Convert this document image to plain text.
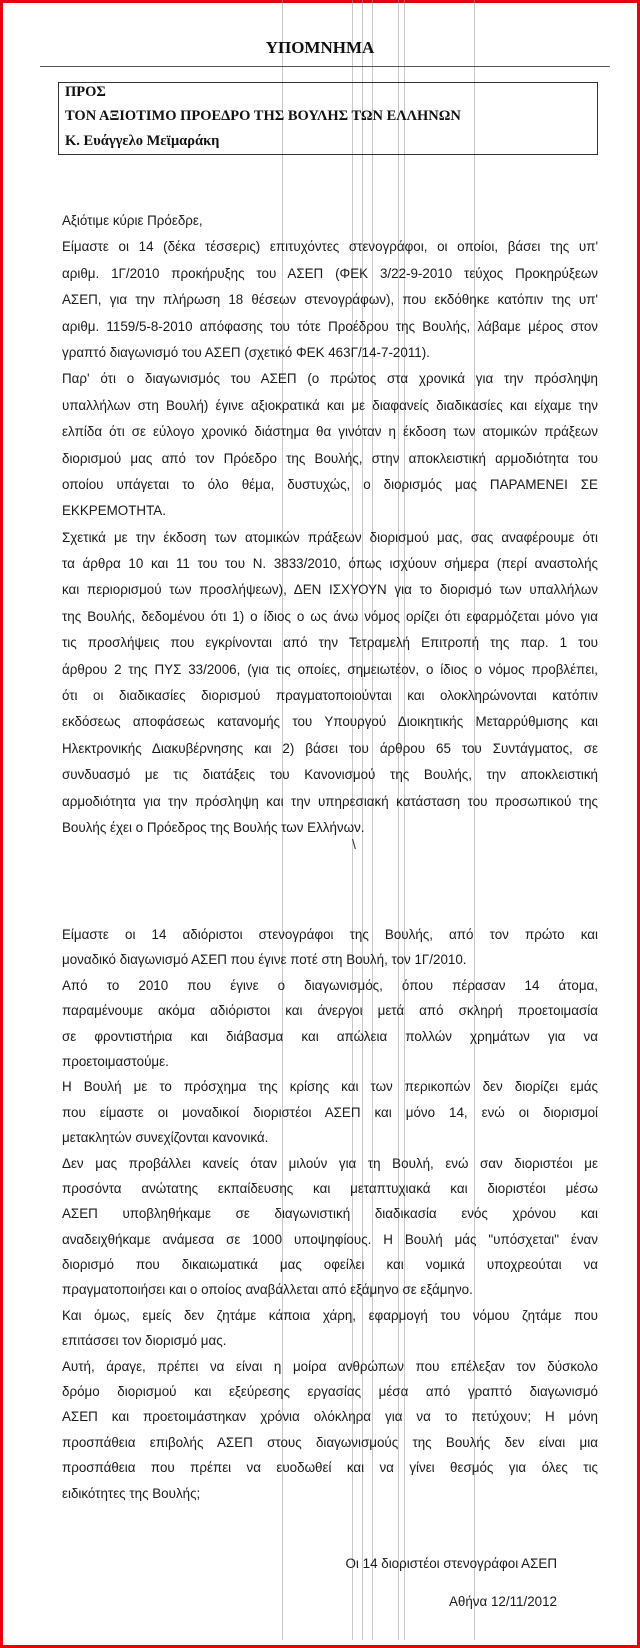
ΥΠΟΜΝΗΜΑ
ΠΡΟΣ
ΤΟΝ ΑΞΙΟΤΙΜΟ ΠΡΟΕΔΡΟ ΤΗΣ ΒΟΥΛΗΣ ΤΩΝ ΕΛΛΗΝΩΝ
Κ. Ευάγγελο Μεϊμαράκη
Αξιότιμε κύριε Πρόεδρε,
Είμαστε οι 14 (δέκα τέσσερις) επιτυχόντες στενογράφοι, οι οποίοι, βάσει της υπ'
αριθμ. 1Γ/2010 προκήρυξης του ΑΣΕΠ (ΦΕΚ 3/22-9-2010 τεύχος Προκηρύξεων
ΑΣΕΠ, για την πλήρωση 18 θέσεων στενογράφων), που εκδόθηκε κατόπιν της υπ'
αριθμ. 1159/5-8-2010 απόφασης του τότε Προέδρου της Βουλής, λάβαμε μέρος στον
γραπτό διαγωνισμό του ΑΣΕΠ (σχετικό ΦΕΚ 463Γ/14-7-2011).
Παρ' ότι ο διαγωνισμός του ΑΣΕΠ (ο πρώτος στα χρονικά για την πρόσληψη
υπαλλήλων στη Βουλή) έγινε αξιοκρατικά και με διαφανείς διαδικασίες και είχαμε την
ελπίδα ότι σε εύλογο χρονικό διάστημα θα γινόταν η έκδοση των ατομικών πράξεων
διορισμού μας από τον Πρόεδρο της Βουλής, στην αποκλειστική αρμοδιότητα του
οποίου υπάγεται το όλο θέμα, δυστυχώς, ο διορισμός μας ΠΑΡΑΜΕΝΕΙ ΣΕ
ΕΚΚΡΕΜΟΤΗΤΑ.
Σχετικά με την έκδοση των ατομικών πράξεων διορισμού μας, σας αναφέρουμε ότι
τα άρθρα 10 και 11 του του Ν. 3833/2010, όπως ισχύουν σήμερα (περί αναστολής
και περιορισμού των προσλήψεων), ΔΕΝ ΙΣΧΥΟΥΝ για το διορισμό των υπαλλήλων
της Βουλής, δεδομένου ότι 1) ο ίδιος ο ως άνω νόμος ορίζει ότι εφαρμόζεται μόνο για
τις προσλήψεις που εγκρίνονται από την Τετραμελή Επιτροπή της παρ. 1 του
άρθρου 2 της ΠΥΣ 33/2006, (για τις οποίες, σημειωτέον, ο ίδιος ο νόμος προβλέπει,
ότι οι διαδικασίες διορισμού πραγματοποιούνται και ολοκληρώνονται κατόπιν
εκδόσεως αποφάσεως κατανομής του Υπουργού Διοικητικής Μεταρρύθμισης και
Ηλεκτρονικής Διακυβέρνησης και 2) βάσει του άρθρου 65 του Συντάγματος, σε
συνδυασμό με τις διατάξεις του Κανονισμού της Βουλής, την αποκλειστική
αρμοδιότητα για την πρόσληψη και την υπηρεσιακή κατάσταση του προσωπικού της
Βουλής έχει ο Πρόεδρος της Βουλής των Ελλήνων.
\
Είμαστε οι 14 αδιόριστοι στενογράφοι της Βουλής, από τον πρώτο και
μοναδικό διαγωνισμό ΑΣΕΠ που έγινε ποτέ στη Βουλή, τον 1Γ/2010.
Από το 2010 που έγινε ο διαγωνισμός, όπου πέρασαν 14 άτομα,
παραμένουμε ακόμα αδιόριστοι και άνεργοι μετά από σκληρή προετοιμασία
σε φροντιστήρια και διάβασμα και απώλεια πολλών χρημάτων για να
προετοιμαστούμε.
Η Βουλή με το πρόσχημα της κρίσης και των περικοπών δεν διορίζει εμάς
που είμαστε οι μοναδικοί διοριστέοι ΑΣΕΠ και μόνο 14, ενώ οι διορισμοί
μετακλητών συνεχίζονται κανονικά.
Δεν μας προβάλλει κανείς όταν μιλούν για τη Βουλή, ενώ σαν διοριστέοι με
προσόντα ανώτατης εκπαίδευσης και μεταπτυχιακά και διοριστέοι μέσω
ΑΣΕΠ υποβληθήκαμε σε διαγωνιστική διαδικασία ενός χρόνου και
αναδειχθήκαμε ανάμεσα σε 1000 υποψηφίους. Η Βουλή μάς "υπόσχεται" έναν
διορισμό που δικαιωματικά μας οφείλει και νομικά υποχρεούται να
πραγματοποιήσει και ο οποίος αναβάλλεται από εξάμηνο σε εξάμηνο.
Και όμως, εμείς δεν ζητάμε κάποια χάρη, εφαρμογή του νόμου ζητάμε που
επιτάσσει τον διορισμό μας.
Αυτή, άραγε, πρέπει να είναι η μοίρα ανθρώπων που επέλεξαν τον δύσκολο
δρόμο διορισμού και εξεύρεσης εργασίας μέσα από γραπτό διαγωνισμό
ΑΣΕΠ και προετοιμάστηκαν χρόνια ολόκληρα για να το πετύχουν; Η μόνη
προσπάθεια επιβολής ΑΣΕΠ στους διαγωνισμούς της Βουλής δεν είναι μια
προσπάθεια που πρέπει να ευοδωθεί και να γίνει θεσμός για όλες τις
ειδικότητες της Βουλής;
Οι 14 διοριστέοι στενογράφοι ΑΣΕΠ
Αθήνα 12/11/2012
